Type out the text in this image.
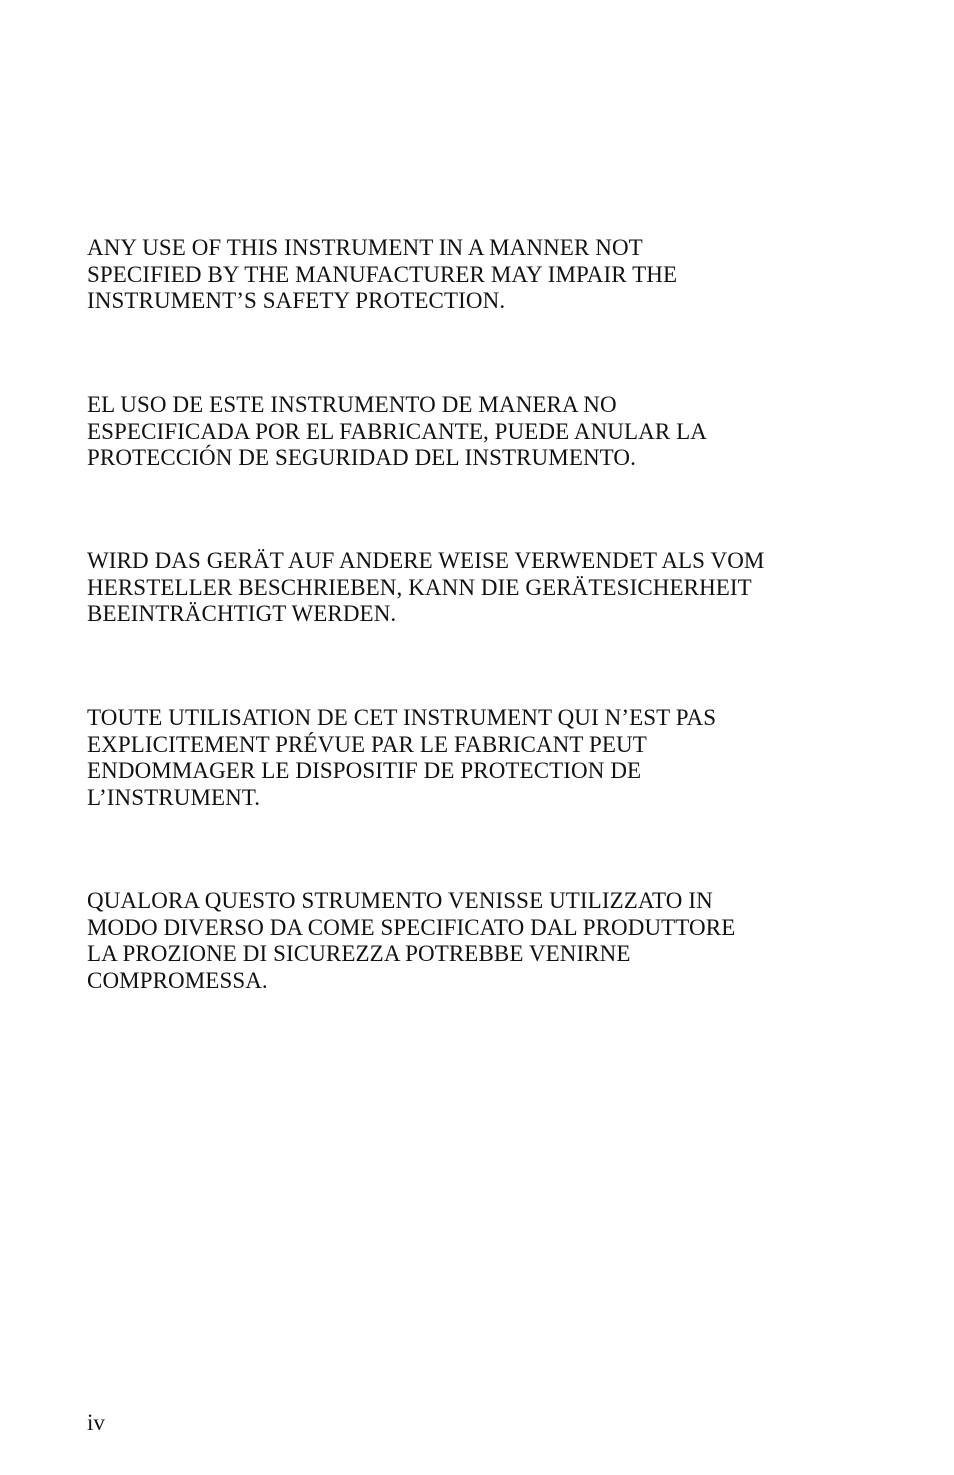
ANY USE OF THIS INSTRUMENT IN A MANNER NOT
SPECIFIED BY THE MANUFACTURER MAY IMPAIR THE
INSTRUMENT’S SAFETY PROTECTION.

EL USO DE ESTE INSTRUMENTO DE MANERA NO
ESPECIFICADA POR EL FABRICANTE, PUEDE ANULAR LA
PROTECCIÓN DE SEGURIDAD DEL INSTRUMENTO.

WIRD DAS GERÄT AUF ANDERE WEISE VERWENDET ALS VOM
HERSTELLER BESCHRIEBEN, KANN DIE GERÄTESICHERHEIT
BEEINTRÄCHTIGT WERDEN.

TOUTE UTILISATION DE CET INSTRUMENT QUI N’EST PAS
EXPLICITEMENT PRÉVUE PAR LE FABRICANT PEUT
ENDOMMAGER LE DISPOSITIF DE PROTECTION DE
L’INSTRUMENT.

QUALORA QUESTO STRUMENTO VENISSE UTILIZZATO IN
MODO DIVERSO DA COME SPECIFICATO DAL PRODUTTORE
LA PROZIONE DI SICUREZZA POTREBBE VENIRNE
COMPROMESSA.

iv
